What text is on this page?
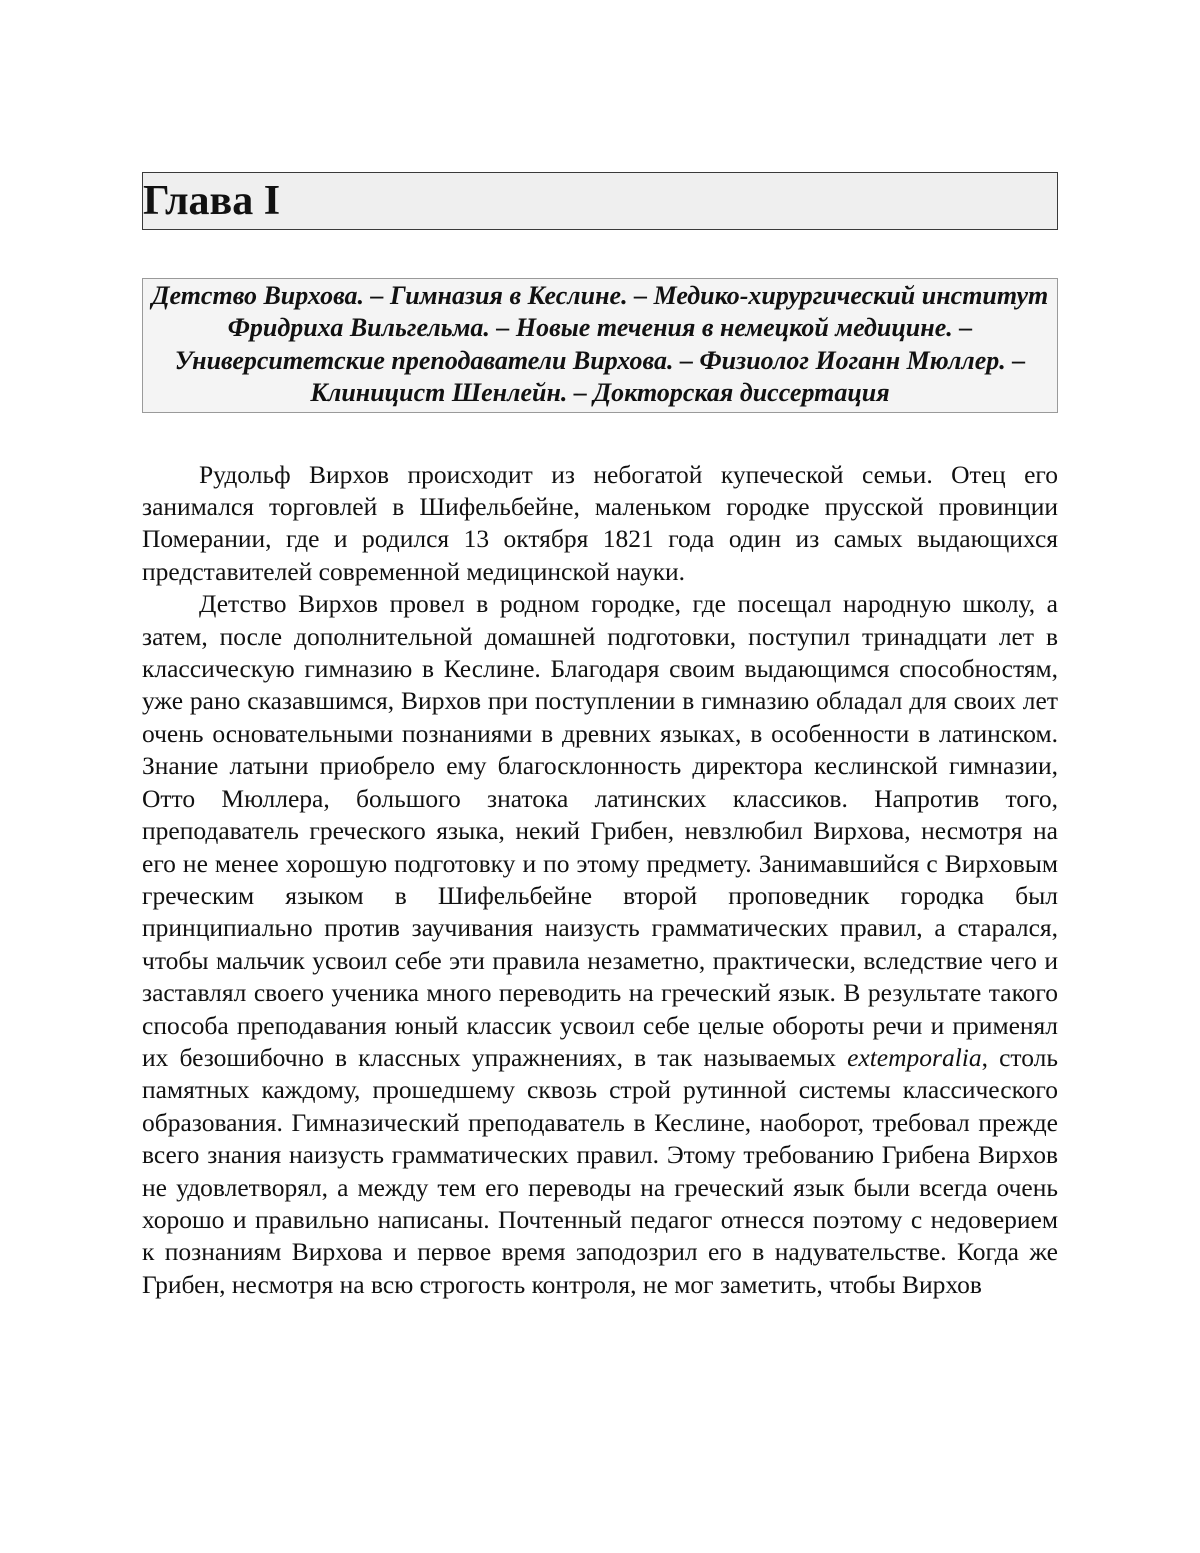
Глава I
Детство Вирхова. – Гимназия в Кеслине. – Медико-хирургический институт Фридриха Вильгельма. – Новые течения в немецкой медицине. – Университетские преподаватели Вирхова. – Физиолог Иоганн Мюллер. – Клиницист Шенлейн. – Докторская диссертация

Рудольф Вирхов происходит из небогатой купеческой семьи. Отец его занимался торговлей в Шифельбейне, маленьком городке прусской провинции Померании, где и родился 13 октября 1821 года один из самых выдающихся представителей современной медицинской науки.

Детство Вирхов провел в родном городке, где посещал народную школу, а затем, после дополнительной домашней подготовки, поступил тринадцати лет в классическую гимназию в Кеслине. Благодаря своим выдающимся способностям, уже рано сказавшимся, Вирхов при поступлении в гимназию обладал для своих лет очень основательными познаниями в древних языках, в особенности в латинском. Знание латыни приобрело ему благосклонность директора кеслинской гимназии, Отто Мюллера, большого знатока латинских классиков. Напротив того, преподаватель греческого языка, некий Грибен, невзлюбил Вирхова, несмотря на его не менее хорошую подготовку и по этому предмету. Занимавшийся с Вирховым греческим языком в Шифельбейне второй проповедник городка был принципиально против заучивания наизусть грамматических правил, а старался, чтобы мальчик усвоил себе эти правила незаметно, практически, вследствие чего и заставлял своего ученика много переводить на греческий язык. В результате такого способа преподавания юный классик усвоил себе целые обороты речи и применял их безошибочно в классных упражнениях, в так называемых extemporalia, столь памятных каждому, прошедшему сквозь строй рутинной системы классического образования. Гимназический преподаватель в Кеслине, наоборот, требовал прежде всего знания наизусть грамматических правил. Этому требованию Грибена Вирхов не удовлетворял, а между тем его переводы на греческий язык были всегда очень хорошо и правильно написаны. Почтенный педагог отнесся поэтому с недоверием к познаниям Вирхова и первое время заподозрил его в надувательстве. Когда же Грибен, несмотря на всю строгость контроля, не мог заметить, чтобы Вирхов
